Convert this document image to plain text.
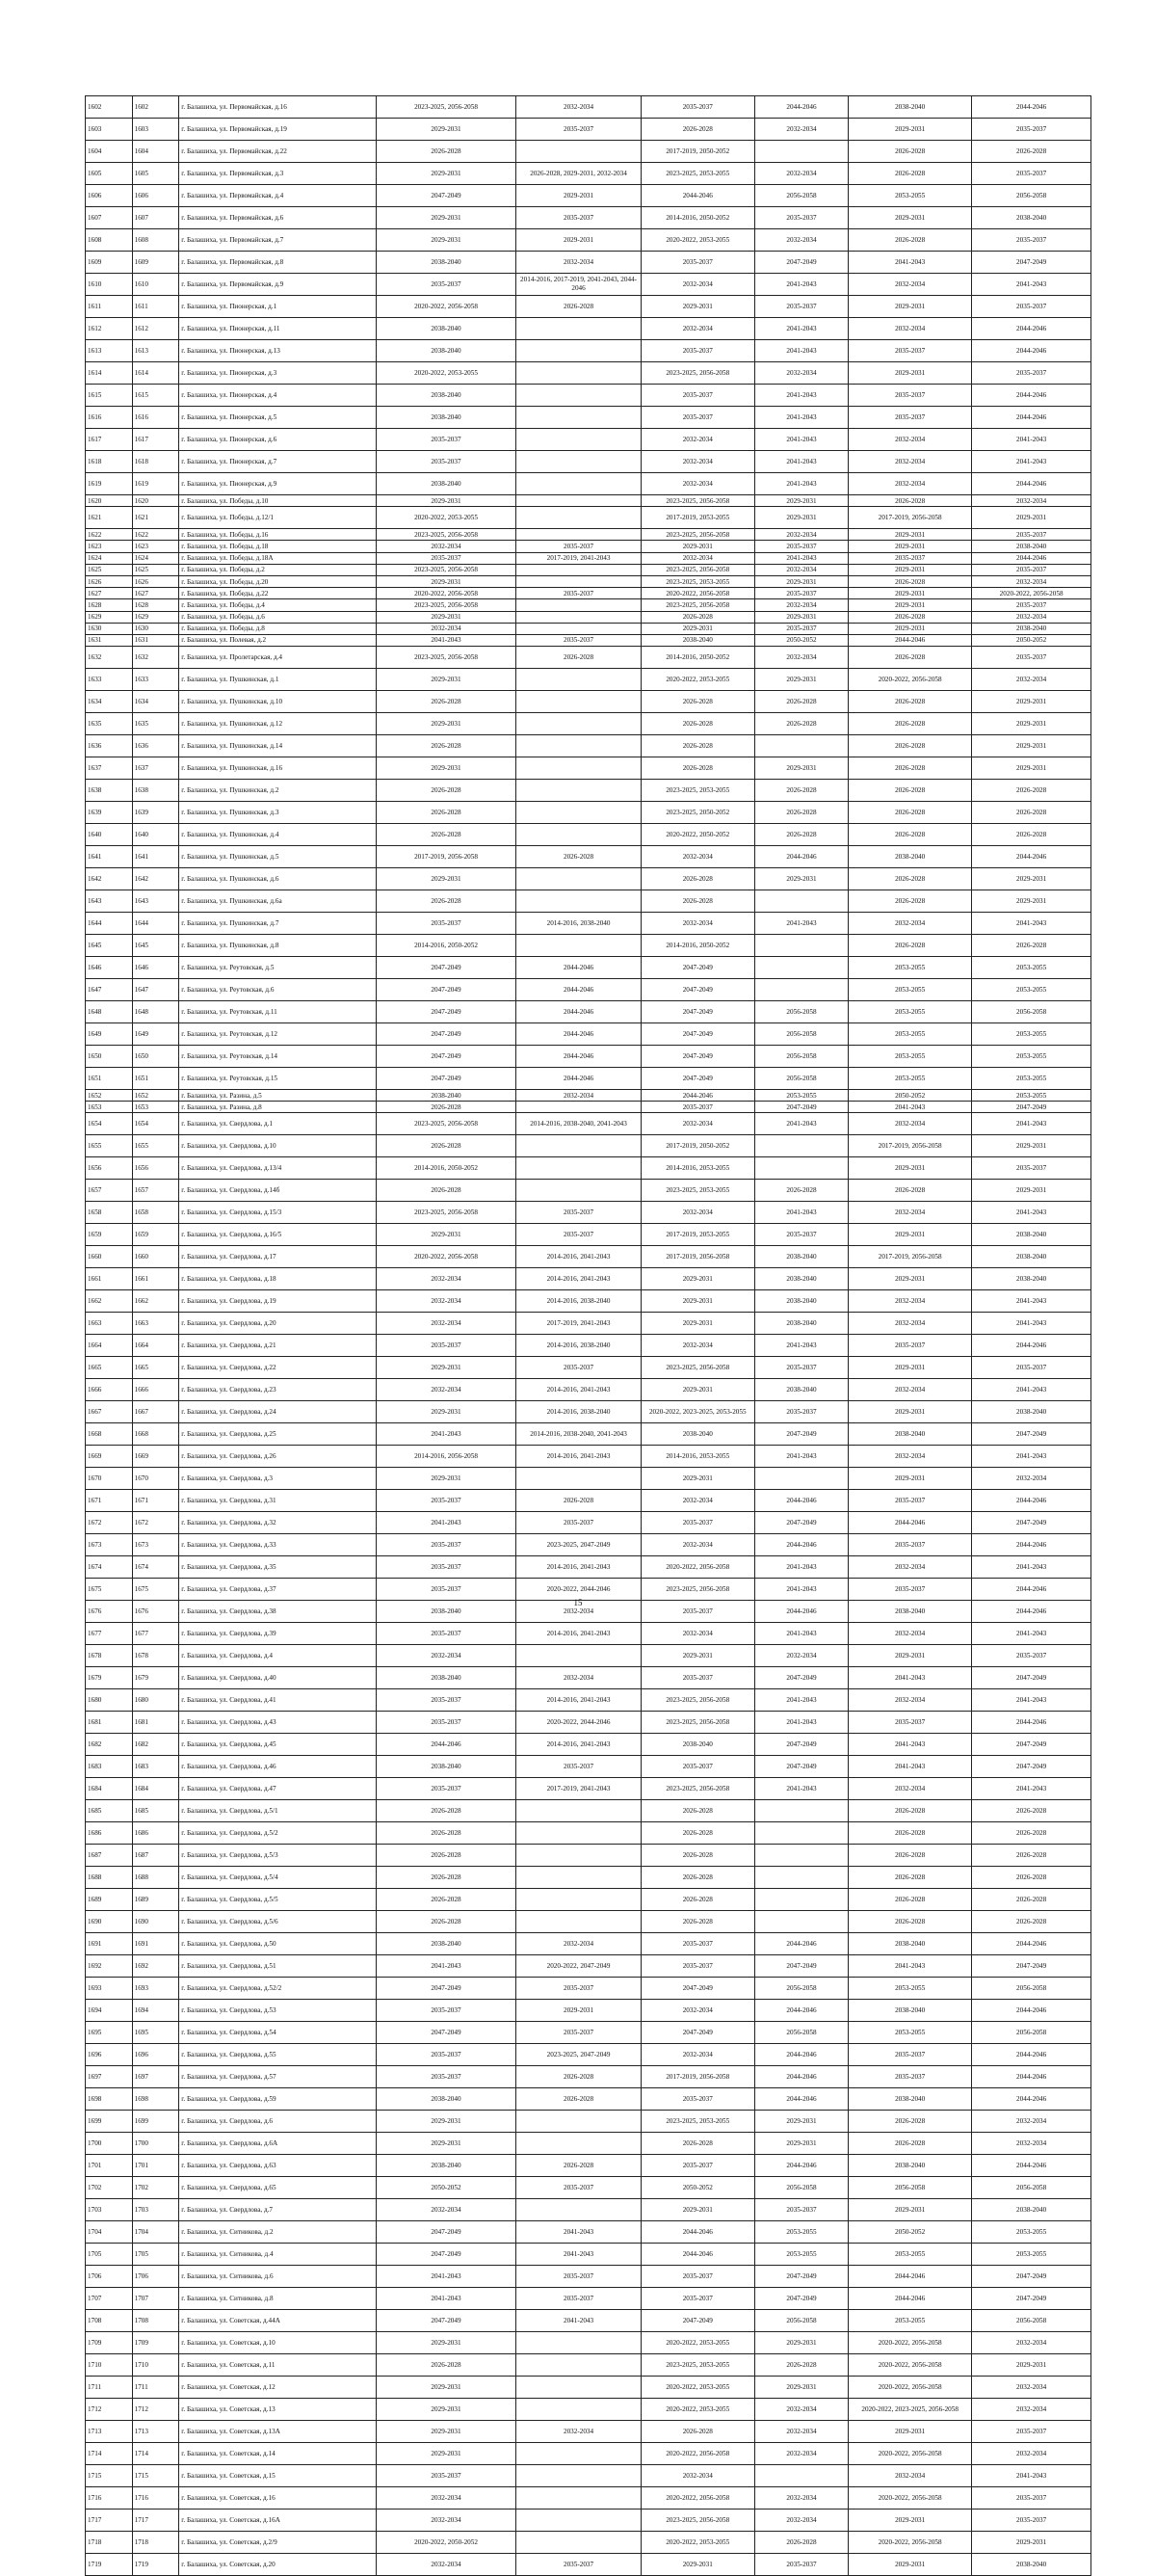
1602	1602	г. Балашиха, ул. Первомайская, д.16	2023-2025, 2056-2058	2032-2034	2035-2037	2044-2046	2038-2040	2044-2046
1603	1603	г. Балашиха, ул. Первомайская, д.19	2029-2031	2035-2037	2026-2028	2032-2034	2029-2031	2035-2037
1604	1604	г. Балашиха, ул. Первомайская, д.22	2026-2028		2017-2019, 2050-2052		2026-2028	2026-2028
1605	1605	г. Балашиха, ул. Первомайская, д.3	2029-2031	2026-2028, 2029-2031, 2032-2034	2023-2025, 2053-2055	2032-2034	2026-2028	2035-2037
1606	1606	г. Балашиха, ул. Первомайская, д.4	2047-2049	2029-2031	2044-2046	2056-2058	2053-2055	2056-2058
1607	1607	г. Балашиха, ул. Первомайская, д.6	2029-2031	2035-2037	2014-2016, 2050-2052	2035-2037	2029-2031	2038-2040
1608	1608	г. Балашиха, ул. Первомайская, д.7	2029-2031	2029-2031	2020-2022, 2053-2055	2032-2034	2026-2028	2035-2037
1609	1609	г. Балашиха, ул. Первомайская, д.8	2038-2040	2032-2034	2035-2037	2047-2049	2041-2043	2047-2049
1610	1610	г. Балашиха, ул. Первомайская, д.9	2035-2037	2014-2016, 2017-2019, 2041-2043, 2044-2046	2032-2034	2041-2043	2032-2034	2041-2043
1611	1611	г. Балашиха, ул. Пионерская, д.1	2020-2022, 2056-2058	2026-2028	2029-2031	2035-2037	2029-2031	2035-2037
1612	1612	г. Балашиха, ул. Пионерская, д.11	2038-2040		2032-2034	2041-2043	2032-2034	2044-2046
1613	1613	г. Балашиха, ул. Пионерская, д.13	2038-2040		2035-2037	2041-2043	2035-2037	2044-2046
1614	1614	г. Балашиха, ул. Пионерская, д.3	2020-2022, 2053-2055		2023-2025, 2056-2058	2032-2034	2029-2031	2035-2037
1615	1615	г. Балашиха, ул. Пионерская, д.4	2038-2040		2035-2037	2041-2043	2035-2037	2044-2046
1616	1616	г. Балашиха, ул. Пионерская, д.5	2038-2040		2035-2037	2041-2043	2035-2037	2044-2046
1617	1617	г. Балашиха, ул. Пионерская, д.6	2035-2037		2032-2034	2041-2043	2032-2034	2041-2043
1618	1618	г. Балашиха, ул. Пионерская, д.7	2035-2037		2032-2034	2041-2043	2032-2034	2041-2043
1619	1619	г. Балашиха, ул. Пионерская, д.9	2038-2040		2032-2034	2041-2043	2032-2034	2044-2046
1620	1620	г. Балашиха, ул. Победы, д.10	2029-2031		2023-2025, 2056-2058	2029-2031	2026-2028	2032-2034
1621	1621	г. Балашиха, ул. Победы, д.12/1	2020-2022, 2053-2055		2017-2019, 2053-2055	2029-2031	2017-2019, 2056-2058	2029-2031
1622	1622	г. Балашиха, ул. Победы, д.16	2023-2025, 2056-2058		2023-2025, 2056-2058	2032-2034	2029-2031	2035-2037
1623	1623	г. Балашиха, ул. Победы, д.18	2032-2034	2035-2037	2029-2031	2035-2037	2029-2031	2038-2040
1624	1624	г. Балашиха, ул. Победы, д.18А	2035-2037	2017-2019, 2041-2043	2032-2034	2041-2043	2035-2037	2044-2046
1625	1625	г. Балашиха, ул. Победы, д.2	2023-2025, 2056-2058		2023-2025, 2056-2058	2032-2034	2029-2031	2035-2037
1626	1626	г. Балашиха, ул. Победы, д.20	2029-2031		2023-2025, 2053-2055	2029-2031	2026-2028	2032-2034
1627	1627	г. Балашиха, ул. Победы, д.22	2020-2022, 2056-2058	2035-2037	2020-2022, 2056-2058	2035-2037	2029-2031	2020-2022, 2056-2058
1628	1628	г. Балашиха, ул. Победы, д.4	2023-2025, 2056-2058		2023-2025, 2056-2058	2032-2034	2029-2031	2035-2037
1629	1629	г. Балашиха, ул. Победы, д.6	2029-2031		2026-2028	2029-2031	2026-2028	2032-2034
1630	1630	г. Балашиха, ул. Победы, д.8	2032-2034		2029-2031	2035-2037	2029-2031	2038-2040
1631	1631	г. Балашиха, ул. Полевая, д.2	2041-2043	2035-2037	2038-2040	2050-2052	2044-2046	2050-2052
1632	1632	г. Балашиха, ул. Пролетарская, д.4	2023-2025, 2056-2058	2026-2028	2014-2016, 2050-2052	2032-2034	2026-2028	2035-2037
1633	1633	г. Балашиха, ул. Пушкинская, д.1	2029-2031		2020-2022, 2053-2055	2029-2031	2020-2022, 2056-2058	2032-2034
1634	1634	г. Балашиха, ул. Пушкинская, д.10	2026-2028		2026-2028	2026-2028	2026-2028	2029-2031
1635	1635	г. Балашиха, ул. Пушкинская, д.12	2029-2031		2026-2028	2026-2028	2026-2028	2029-2031
1636	1636	г. Балашиха, ул. Пушкинская, д.14	2026-2028		2026-2028		2026-2028	2029-2031
1637	1637	г. Балашиха, ул. Пушкинская, д.16	2029-2031		2026-2028	2029-2031	2026-2028	2029-2031
1638	1638	г. Балашиха, ул. Пушкинская, д.2	2026-2028		2023-2025, 2053-2055	2026-2028	2026-2028	2026-2028
1639	1639	г. Балашиха, ул. Пушкинская, д.3	2026-2028		2023-2025, 2050-2052	2026-2028	2026-2028	2026-2028
1640	1640	г. Балашиха, ул. Пушкинская, д.4	2026-2028		2020-2022, 2050-2052	2026-2028	2026-2028	2026-2028
1641	1641	г. Балашиха, ул. Пушкинская, д.5	2017-2019, 2056-2058	2026-2028	2032-2034	2044-2046	2038-2040	2044-2046
1642	1642	г. Балашиха, ул. Пушкинская, д.6	2029-2031		2026-2028	2029-2031	2026-2028	2029-2031
1643	1643	г. Балашиха, ул. Пушкинская, д.6а	2026-2028		2026-2028		2026-2028	2029-2031
1644	1644	г. Балашиха, ул. Пушкинская, д.7	2035-2037	2014-2016, 2038-2040	2032-2034	2041-2043	2032-2034	2041-2043
1645	1645	г. Балашиха, ул. Пушкинская, д.8	2014-2016, 2050-2052		2014-2016, 2050-2052		2026-2028	2026-2028
1646	1646	г. Балашиха, ул. Реутовская, д.5	2047-2049	2044-2046	2047-2049		2053-2055	2053-2055
1647	1647	г. Балашиха, ул. Реутовская, д.6	2047-2049	2044-2046	2047-2049		2053-2055	2053-2055
1648	1648	г. Балашиха, ул. Реутовская, д.11	2047-2049	2044-2046	2047-2049	2056-2058	2053-2055	2056-2058
1649	1649	г. Балашиха, ул. Реутовская, д.12	2047-2049	2044-2046	2047-2049	2056-2058	2053-2055	2053-2055
1650	1650	г. Балашиха, ул. Реутовская, д.14	2047-2049	2044-2046	2047-2049	2056-2058	2053-2055	2053-2055
1651	1651	г. Балашиха, ул. Реутовская, д.15	2047-2049	2044-2046	2047-2049	2056-2058	2053-2055	2053-2055
1652	1652	г. Балашиха, ул. Разина, д.5	2038-2040	2032-2034	2044-2046	2053-2055	2050-2052	2053-2055
1653	1653	г. Балашиха, ул. Разина, д.8	2026-2028		2035-2037	2047-2049	2041-2043	2047-2049
1654	1654	г. Балашиха, ул. Свердлова, д.1	2023-2025, 2056-2058	2014-2016, 2038-2040, 2041-2043	2032-2034	2041-2043	2032-2034	2041-2043
1655	1655	г. Балашиха, ул. Свердлова, д.10	2026-2028		2017-2019, 2050-2052		2017-2019, 2056-2058	2029-2031
1656	1656	г. Балашиха, ул. Свердлова, д.13/4	2014-2016, 2050-2052		2014-2016, 2053-2055		2029-2031	2035-2037
1657	1657	г. Балашиха, ул. Свердлова, д.14б	2026-2028		2023-2025, 2053-2055	2026-2028	2026-2028	2029-2031
1658	1658	г. Балашиха, ул. Свердлова, д.15/3	2023-2025, 2056-2058	2035-2037	2032-2034	2041-2043	2032-2034	2041-2043
1659	1659	г. Балашиха, ул. Свердлова, д.16/5	2029-2031	2035-2037	2017-2019, 2053-2055	2035-2037	2029-2031	2038-2040
1660	1660	г. Балашиха, ул. Свердлова, д.17	2020-2022, 2056-2058	2014-2016, 2041-2043	2017-2019, 2056-2058	2038-2040	2017-2019, 2056-2058	2038-2040
1661	1661	г. Балашиха, ул. Свердлова, д.18	2032-2034	2014-2016, 2041-2043	2029-2031	2038-2040	2029-2031	2038-2040
1662	1662	г. Балашиха, ул. Свердлова, д.19	2032-2034	2014-2016, 2038-2040	2029-2031	2038-2040	2032-2034	2041-2043
1663	1663	г. Балашиха, ул. Свердлова, д.20	2032-2034	2017-2019, 2041-2043	2029-2031	2038-2040	2032-2034	2041-2043
1664	1664	г. Балашиха, ул. Свердлова, д.21	2035-2037	2014-2016, 2038-2040	2032-2034	2041-2043	2035-2037	2044-2046
1665	1665	г. Балашиха, ул. Свердлова, д.22	2029-2031	2035-2037	2023-2025, 2056-2058	2035-2037	2029-2031	2035-2037
1666	1666	г. Балашиха, ул. Свердлова, д.23	2032-2034	2014-2016, 2041-2043	2029-2031	2038-2040	2032-2034	2041-2043
1667	1667	г. Балашиха, ул. Свердлова, д.24	2029-2031	2014-2016, 2038-2040	2020-2022, 2023-2025, 2053-2055	2035-2037	2029-2031	2038-2040
1668	1668	г. Балашиха, ул. Свердлова, д.25	2041-2043	2014-2016, 2038-2040, 2041-2043	2038-2040	2047-2049	2038-2040	2047-2049
1669	1669	г. Балашиха, ул. Свердлова, д.26	2014-2016, 2056-2058	2014-2016, 2041-2043	2014-2016, 2053-2055	2041-2043	2032-2034	2041-2043
1670	1670	г. Балашиха, ул. Свердлова, д.3	2029-2031		2029-2031		2029-2031	2032-2034
1671	1671	г. Балашиха, ул. Свердлова, д.31	2035-2037	2026-2028	2032-2034	2044-2046	2035-2037	2044-2046
1672	1672	г. Балашиха, ул. Свердлова, д.32	2041-2043	2035-2037	2035-2037	2047-2049	2044-2046	2047-2049
1673	1673	г. Балашиха, ул. Свердлова, д.33	2035-2037	2023-2025, 2047-2049	2032-2034	2044-2046	2035-2037	2044-2046
1674	1674	г. Балашиха, ул. Свердлова, д.35	2035-2037	2014-2016, 2041-2043	2020-2022, 2056-2058	2041-2043	2032-2034	2041-2043
1675	1675	г. Балашиха, ул. Свердлова, д.37	2035-2037	2020-2022, 2044-2046	2023-2025, 2056-2058	2041-2043	2035-2037	2044-2046
1676	1676	г. Балашиха, ул. Свердлова, д.38	2038-2040	2032-2034	2035-2037	2044-2046	2038-2040	2044-2046
1677	1677	г. Балашиха, ул. Свердлова, д.39	2035-2037	2014-2016, 2041-2043	2032-2034	2041-2043	2032-2034	2041-2043
1678	1678	г. Балашиха, ул. Свердлова, д.4	2032-2034		2029-2031	2032-2034	2029-2031	2035-2037
1679	1679	г. Балашиха, ул. Свердлова, д.40	2038-2040	2032-2034	2035-2037	2047-2049	2041-2043	2047-2049
1680	1680	г. Балашиха, ул. Свердлова, д.41	2035-2037	2014-2016, 2041-2043	2023-2025, 2056-2058	2041-2043	2032-2034	2041-2043
1681	1681	г. Балашиха, ул. Свердлова, д.43	2035-2037	2020-2022, 2044-2046	2023-2025, 2056-2058	2041-2043	2035-2037	2044-2046
1682	1682	г. Балашиха, ул. Свердлова, д.45	2044-2046	2014-2016, 2041-2043	2038-2040	2047-2049	2041-2043	2047-2049
1683	1683	г. Балашиха, ул. Свердлова, д.46	2038-2040	2035-2037	2035-2037	2047-2049	2041-2043	2047-2049
1684	1684	г. Балашиха, ул. Свердлова, д.47	2035-2037	2017-2019, 2041-2043	2023-2025, 2056-2058	2041-2043	2032-2034	2041-2043
1685	1685	г. Балашиха, ул. Свердлова, д.5/1	2026-2028		2026-2028		2026-2028	2026-2028
1686	1686	г. Балашиха, ул. Свердлова, д.5/2	2026-2028		2026-2028		2026-2028	2026-2028
1687	1687	г. Балашиха, ул. Свердлова, д.5/3	2026-2028		2026-2028		2026-2028	2026-2028
1688	1688	г. Балашиха, ул. Свердлова, д.5/4	2026-2028		2026-2028		2026-2028	2026-2028
1689	1689	г. Балашиха, ул. Свердлова, д.5/5	2026-2028		2026-2028		2026-2028	2026-2028
1690	1690	г. Балашиха, ул. Свердлова, д.5/6	2026-2028		2026-2028		2026-2028	2026-2028
1691	1691	г. Балашиха, ул. Свердлова, д.50	2038-2040	2032-2034	2035-2037	2044-2046	2038-2040	2044-2046
1692	1692	г. Балашиха, ул. Свердлова, д.51	2041-2043	2020-2022, 2047-2049	2035-2037	2047-2049	2041-2043	2047-2049
1693	1693	г. Балашиха, ул. Свердлова, д.52/2	2047-2049	2035-2037	2047-2049	2056-2058	2053-2055	2056-2058
1694	1694	г. Балашиха, ул. Свердлова, д.53	2035-2037	2029-2031	2032-2034	2044-2046	2038-2040	2044-2046
1695	1695	г. Балашиха, ул. Свердлова, д.54	2047-2049	2035-2037	2047-2049	2056-2058	2053-2055	2056-2058
1696	1696	г. Балашиха, ул. Свердлова, д.55	2035-2037	2023-2025, 2047-2049	2032-2034	2044-2046	2035-2037	2044-2046
1697	1697	г. Балашиха, ул. Свердлова, д.57	2035-2037	2026-2028	2017-2019, 2056-2058	2044-2046	2035-2037	2044-2046
1698	1698	г. Балашиха, ул. Свердлова, д.59	2038-2040	2026-2028	2035-2037	2044-2046	2038-2040	2044-2046
1699	1699	г. Балашиха, ул. Свердлова, д.6	2029-2031		2023-2025, 2053-2055	2029-2031	2026-2028	2032-2034
1700	1700	г. Балашиха, ул. Свердлова, д.6А	2029-2031		2026-2028	2029-2031	2026-2028	2032-2034
1701	1701	г. Балашиха, ул. Свердлова, д.63	2038-2040	2026-2028	2035-2037	2044-2046	2038-2040	2044-2046
1702	1702	г. Балашиха, ул. Свердлова, д.65	2050-2052	2035-2037	2050-2052	2056-2058	2056-2058	2056-2058
1703	1703	г. Балашиха, ул. Свердлова, д.7	2032-2034		2029-2031	2035-2037	2029-2031	2038-2040
1704	1704	г. Балашиха, ул. Ситникова, д.2	2047-2049	2041-2043	2044-2046	2053-2055	2050-2052	2053-2055
1705	1705	г. Балашиха, ул. Ситникова, д.4	2047-2049	2041-2043	2044-2046	2053-2055	2053-2055	2053-2055
1706	1706	г. Балашиха, ул. Ситникова, д.6	2041-2043	2035-2037	2035-2037	2047-2049	2044-2046	2047-2049
1707	1707	г. Балашиха, ул. Ситникова, д.8	2041-2043	2035-2037	2035-2037	2047-2049	2044-2046	2047-2049
1708	1708	г. Балашиха, ул. Советская, д.44А	2047-2049	2041-2043	2047-2049	2056-2058	2053-2055	2056-2058
1709	1709	г. Балашиха, ул. Советская, д.10	2029-2031		2020-2022, 2053-2055	2029-2031	2020-2022, 2056-2058	2032-2034
1710	1710	г. Балашиха, ул. Советская, д.11	2026-2028		2023-2025, 2053-2055	2026-2028	2020-2022, 2056-2058	2029-2031
1711	1711	г. Балашиха, ул. Советская, д.12	2029-2031		2020-2022, 2053-2055	2029-2031	2020-2022, 2056-2058	2032-2034
1712	1712	г. Балашиха, ул. Советская, д.13	2029-2031		2020-2022, 2053-2055	2032-2034	2020-2022, 2023-2025, 2056-2058	2032-2034
1713	1713	г. Балашиха, ул. Советская, д.13А	2029-2031	2032-2034	2026-2028	2032-2034	2029-2031	2035-2037
1714	1714	г. Балашиха, ул. Советская, д.14	2029-2031		2020-2022, 2056-2058	2032-2034	2020-2022, 2056-2058	2032-2034
1715	1715	г. Балашиха, ул. Советская, д.15	2035-2037		2032-2034		2032-2034	2041-2043
1716	1716	г. Балашиха, ул. Советская, д.16	2032-2034		2020-2022, 2056-2058	2032-2034	2020-2022, 2056-2058	2035-2037
1717	1717	г. Балашиха, ул. Советская, д.16А	2032-2034		2023-2025, 2056-2058	2032-2034	2029-2031	2035-2037
1718	1718	г. Балашиха, ул. Советская, д.2/9	2020-2022, 2050-2052		2020-2022, 2053-2055	2026-2028	2020-2022, 2056-2058	2029-2031
1719	1719	г. Балашиха, ул. Советская, д.20	2032-2034	2035-2037	2029-2031	2035-2037	2029-2031	2038-2040
15
